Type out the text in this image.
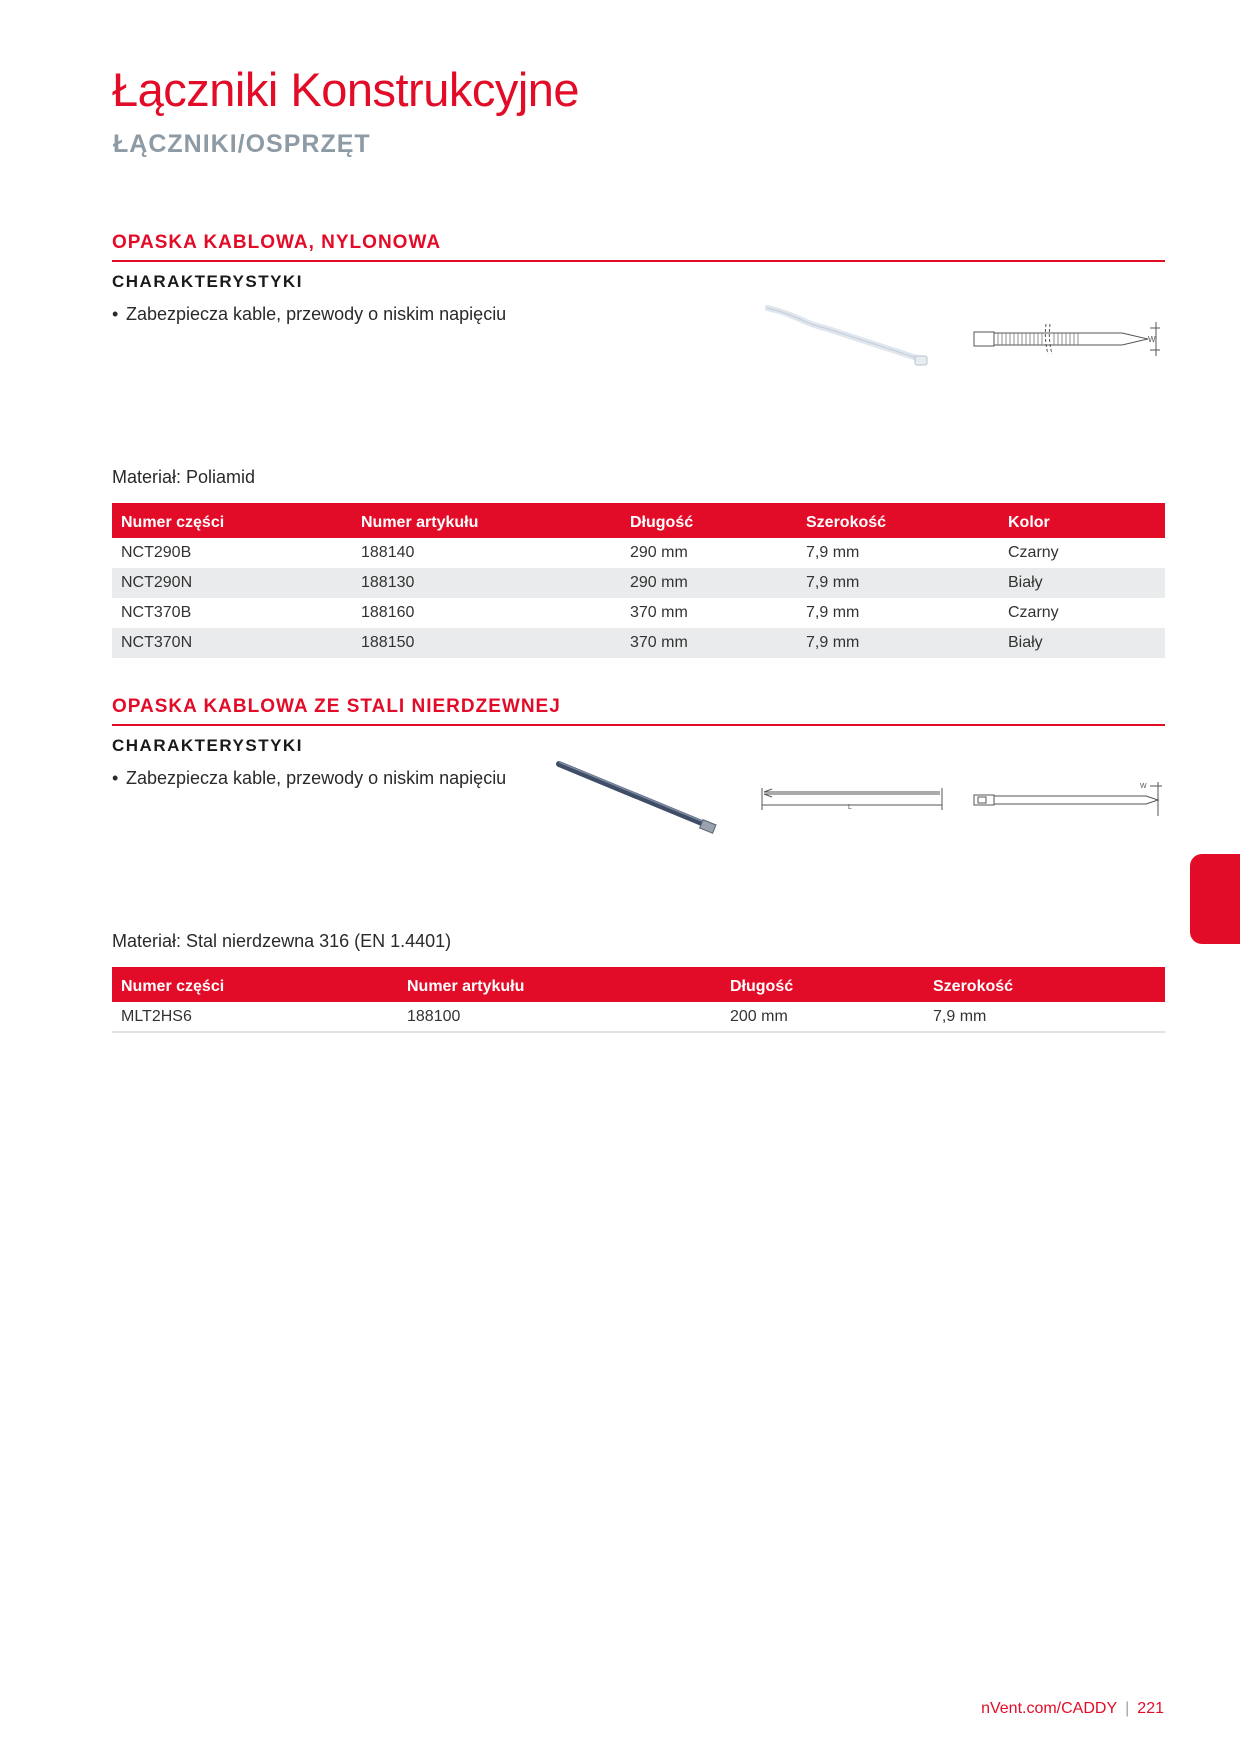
Łączniki Konstrukcyjne
ŁĄCZNIKI/OSPRZĘT
OPASKA KABLOWA, NYLONOWA
CHARAKTERYSTYKI
• Zabezpiecza kable, przewody o niskim napięciu
W
Materiał: Poliamid
Numer części	Numer artykułu	Długość	Szerokość	Kolor
NCT290B	188140	290 mm	7,9 mm	Czarny
NCT290N	188130	290 mm	7,9 mm	Biały
NCT370B	188160	370 mm	7,9 mm	Czarny
NCT370N	188150	370 mm	7,9 mm	Biały
OPASKA KABLOWA ZE STALI NIERDZEWNEJ
CHARAKTERYSTYKI
• Zabezpiecza kable, przewody o niskim napięciu
L
W
Materiał: Stal nierdzewna 316 (EN 1.4401)
Numer części	Numer artykułu	Długość	Szerokość
MLT2HS6	188100	200 mm	7,9 mm
nVent.com/CADDY | 221
